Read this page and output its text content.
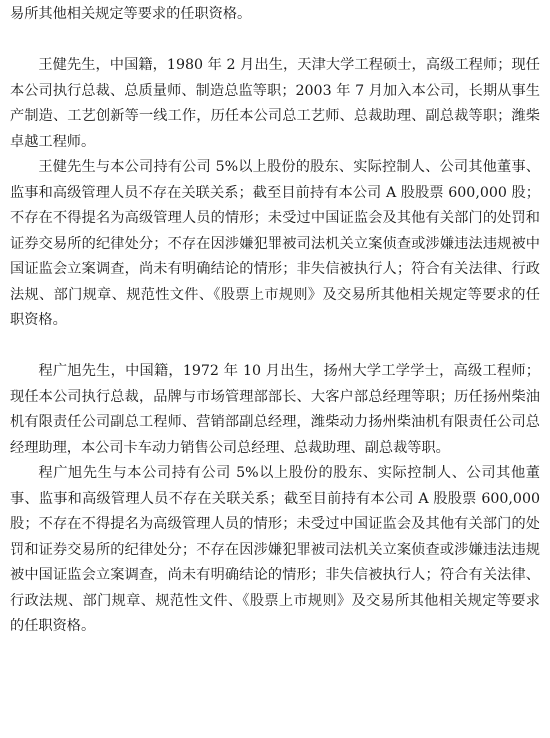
易所其他相关规定等要求的任职资格。

王健先生，中国籍，1980 年 2 月出生，天津大学工程硕士，高级工程师；现任本公司执行总裁、总质量师、制造总监等职；2003 年 7 月加入本公司，长期从事生产制造、工艺创新等一线工作，历任本公司总工艺师、总裁助理、副总裁等职；潍柴卓越工程师。

王健先生与本公司持有公司 5%以上股份的股东、实际控制人、公司其他董事、监事和高级管理人员不存在关联关系；截至目前持有本公司 A 股股票 600,000 股；不存在不得提名为高级管理人员的情形；未受过中国证监会及其他有关部门的处罚和证券交易所的纪律处分；不存在因涉嫌犯罪被司法机关立案侦查或涉嫌违法违规被中国证监会立案调查，尚未有明确结论的情形；非失信被执行人；符合有关法律、行政法规、部门规章、规范性文件、《股票上市规则》及交易所其他相关规定等要求的任职资格。

程广旭先生，中国籍，1972 年 10 月出生，扬州大学工学学士，高级工程师；现任本公司执行总裁，品牌与市场管理部部长、大客户部总经理等职；历任扬州柴油机有限责任公司副总工程师、营销部副总经理，潍柴动力扬州柴油机有限责任公司总经理助理，本公司卡车动力销售公司总经理、总裁助理、副总裁等职。

程广旭先生与本公司持有公司 5%以上股份的股东、实际控制人、公司其他董事、监事和高级管理人员不存在关联关系；截至目前持有本公司 A 股股票 600,000 股；不存在不得提名为高级管理人员的情形；未受过中国证监会及其他有关部门的处罚和证券交易所的纪律处分；不存在因涉嫌犯罪被司法机关立案侦查或涉嫌违法违规被中国证监会立案调查，尚未有明确结论的情形；非失信被执行人；符合有关法律、行政法规、部门规章、规范性文件、《股票上市规则》及交易所其他相关规定等要求的任职资格。
